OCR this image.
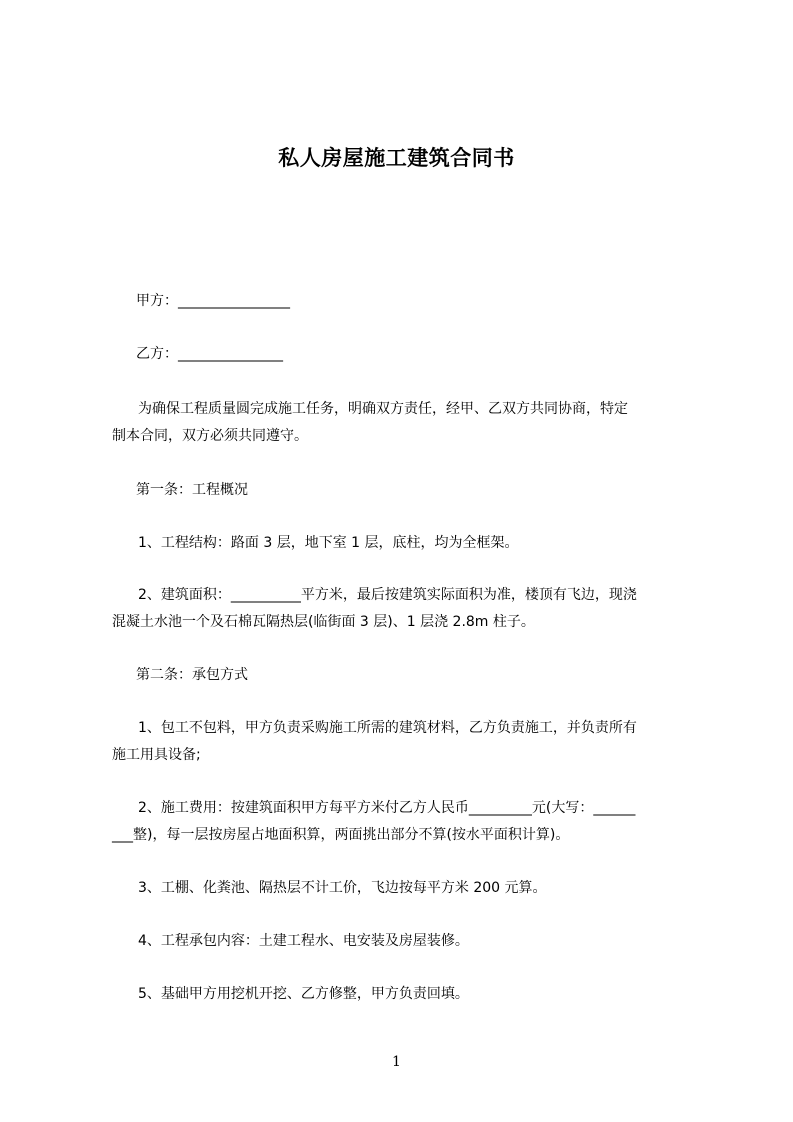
私人房屋施工建筑合同书
甲方：________________
乙方：_______________
为确保工程质量圆完成施工任务，明确双方责任，经甲、乙双方共同协商，特定
制本合同，双方必须共同遵守。
第一条：工程概况
1、工程结构：路面 3 层，地下室 1 层，底柱，均为全框架。
2、建筑面积：__________平方米，最后按建筑实际面积为准，楼顶有飞边，现浇
混凝土水池一个及石棉瓦隔热层(临街面 3 层)、1 层浇 2.8m 柱子。
第二条：承包方式
1、包工不包料，甲方负责采购施工所需的建筑材料，乙方负责施工，并负责所有
施工用具设备;
2、施工费用：按建筑面积甲方每平方米付乙方人民币_________元(大写：______
___整)，每一层按房屋占地面积算，两面挑出部分不算(按水平面积计算)。
3、工棚、化粪池、隔热层不计工价，飞边按每平方米 200 元算。
4、工程承包内容：土建工程水、电安装及房屋装修。
5、基础甲方用挖机开挖、乙方修整，甲方负责回填。
1
